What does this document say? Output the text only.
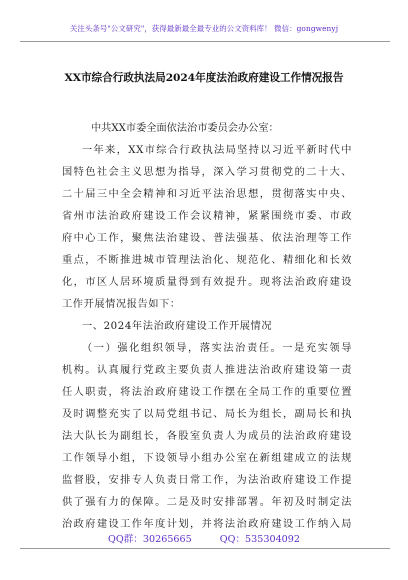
关注头条号"公文研究"，获得最新最全最专业的公文资料库！ 微信：gongwenyj
XX市综合行政执法局2024年度法治政府建设工作情况报告
中共XX市委全面依法治市委员会办公室：
一年来，XX市综合行政执法局坚持以习近平新时代中
国特色社会主义思想为指导，深入学习贯彻党的二十大、
二十届三中全会精神和习近平法治思想，贯彻落实中央、
省州市法治政府建设工作会议精神，紧紧围绕市委、市政
府中心工作，聚焦法治建设、普法强基、依法治理等工作
重点，不断推进城市管理法治化、规范化、精细化和长效
化，市区人居环境质量得到有效提升。现将法治政府建设
工作开展情况报告如下：
一、2024年法治政府建设工作开展情况
（一）强化组织领导，落实法治责任。一是充实领导
机构。认真履行党政主要负责人推进法治政府建设第一责
任人职责，将法治政府建设工作摆在全局工作的重要位置
及时调整充实了以局党组书记、局长为组长，副局长和执
法大队长为副组长，各股室负责人为成员的法治政府建设
工作领导小组，下设领导小组办公室在新组建成立的法规
监督股，安排专人负责日常工作，为法治政府建设工作提
供了强有力的保障。二是及时安排部署。年初及时制定法
治政府建设工作年度计划，并将法治政府建设工作纳入局
QQ群：30265665	QQ：535304092
